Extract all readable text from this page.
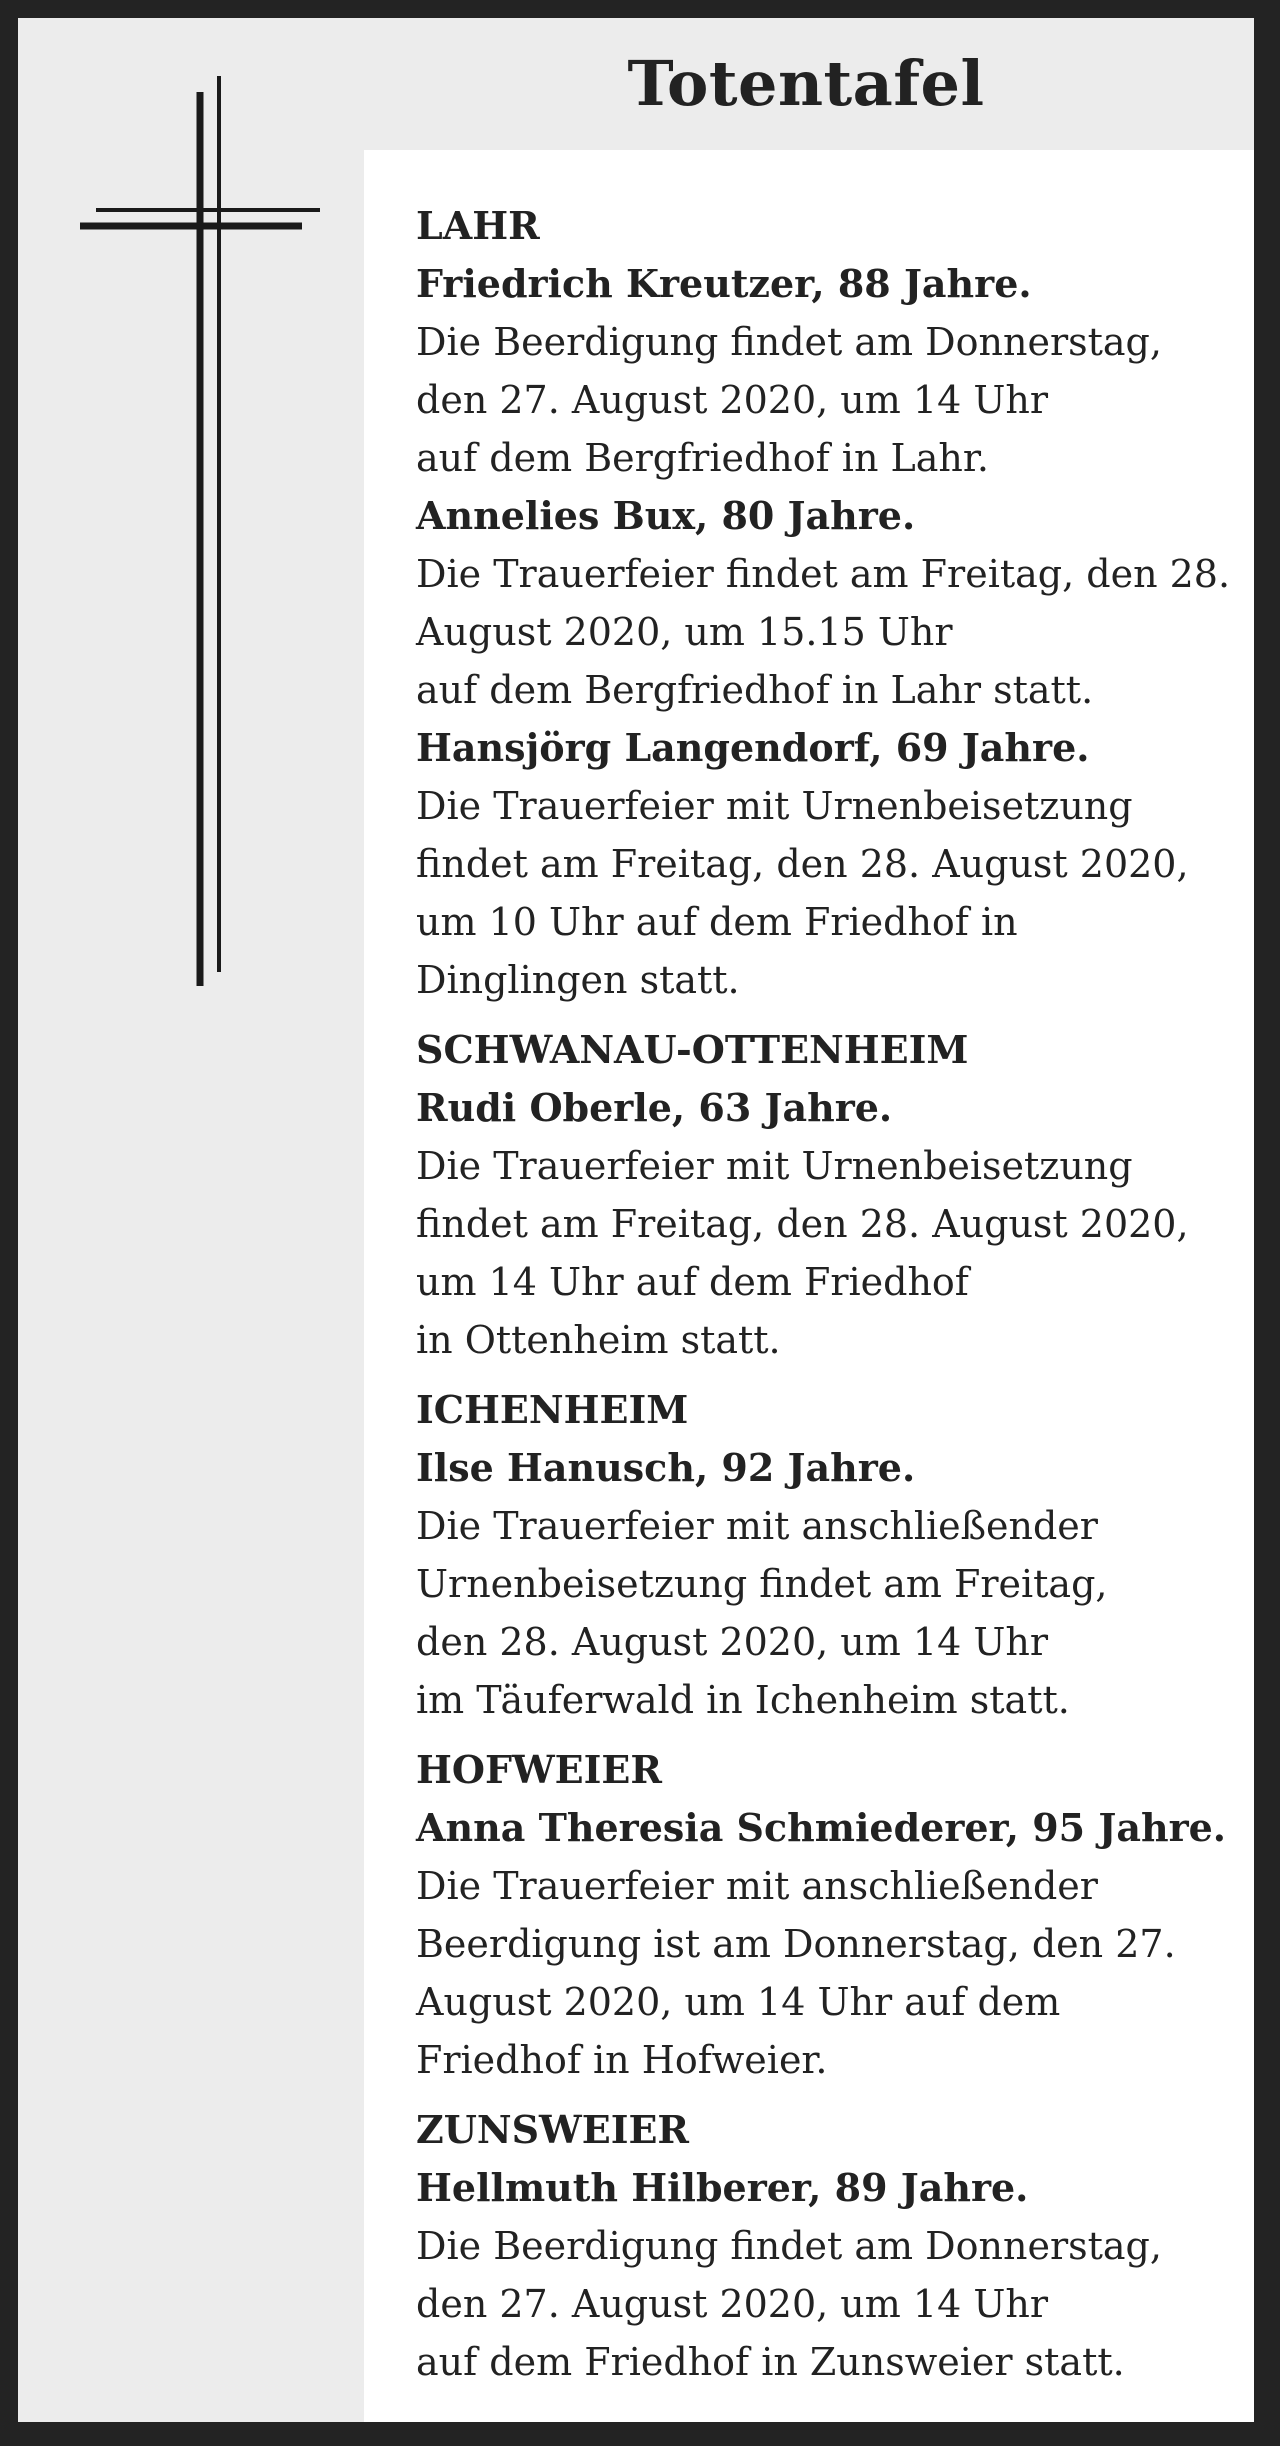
Totentafel
LAHR
Friedrich Kreutzer, 88 Jahre.
Die Beerdigung findet am Donnerstag,
den 27. August 2020, um 14 Uhr
auf dem Bergfriedhof in Lahr.
Annelies Bux, 80 Jahre.
Die Trauerfeier findet am Freitag, den 28.
August 2020, um 15.15 Uhr
auf dem Bergfriedhof in Lahr statt.
Hansjörg Langendorf, 69 Jahre.
Die Trauerfeier mit Urnenbeisetzung
findet am Freitag, den 28. August 2020,
um 10 Uhr auf dem Friedhof in
Dinglingen statt.
SCHWANAU-OTTENHEIM
Rudi Oberle, 63 Jahre.
Die Trauerfeier mit Urnenbeisetzung
findet am Freitag, den 28. August 2020,
um 14 Uhr auf dem Friedhof
in Ottenheim statt.
ICHENHEIM
Ilse Hanusch, 92 Jahre.
Die Trauerfeier mit anschließender
Urnenbeisetzung findet am Freitag,
den 28. August 2020, um 14 Uhr
im Täuferwald in Ichenheim statt.
HOFWEIER
Anna Theresia Schmiederer, 95 Jahre.
Die Trauerfeier mit anschließender
Beerdigung ist am Donnerstag, den 27.
August 2020, um 14 Uhr auf dem
Friedhof in Hofweier.
ZUNSWEIER
Hellmuth Hilberer, 89 Jahre.
Die Beerdigung findet am Donnerstag,
den 27. August 2020, um 14 Uhr
auf dem Friedhof in Zunsweier statt.
